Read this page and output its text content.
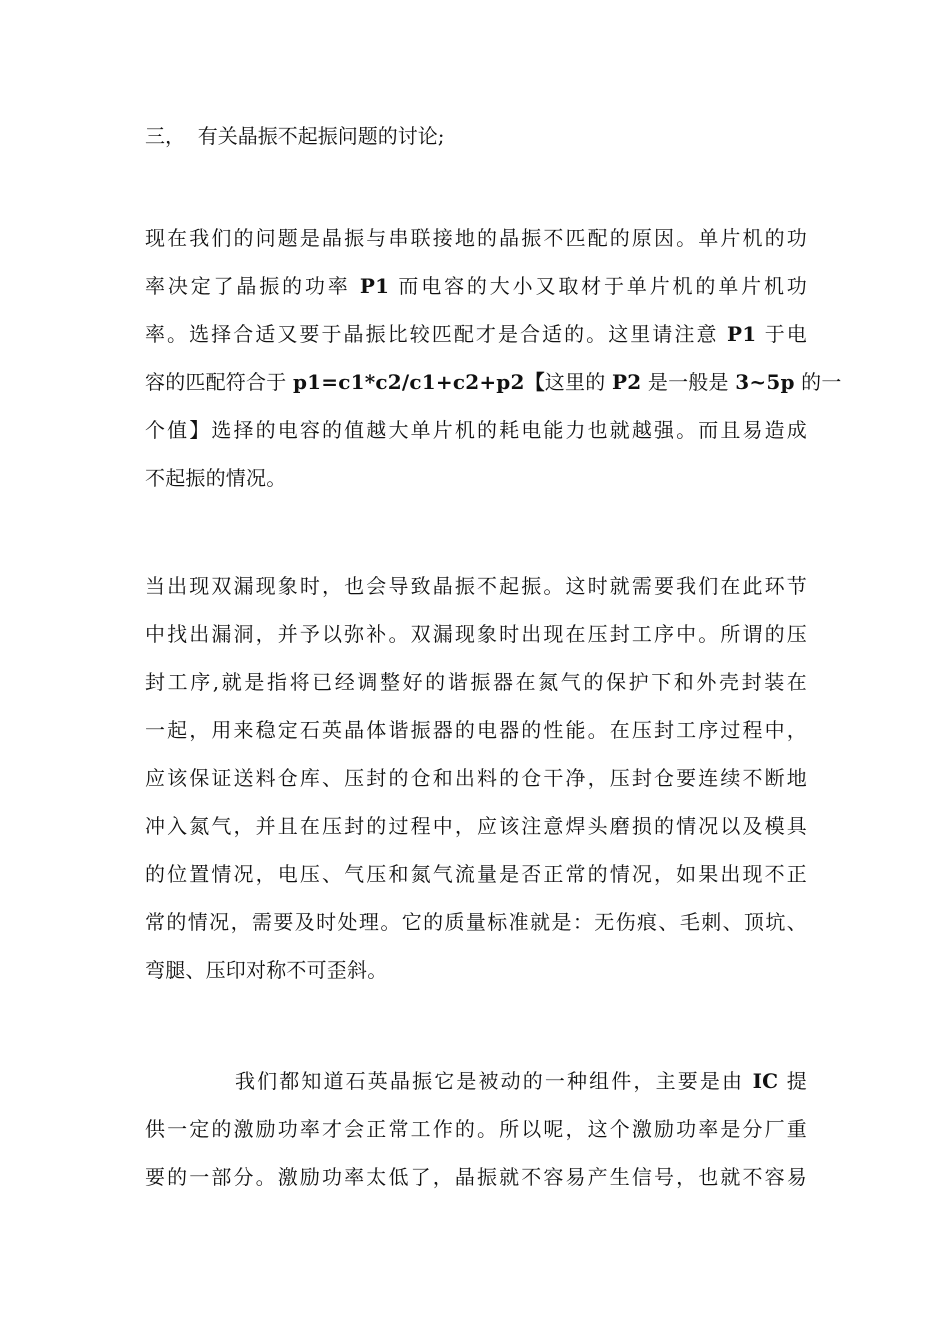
三，  有关晶振不起振问题的讨论;
现在我们的问题是晶振与串联接地的晶振不匹配的原因。单片机的功
率决定了晶振的功率 P1 而电容的大小又取材于单片机的单片机功
率。选择合适又要于晶振比较匹配才是合适的。这里请注意 P1 于电
容的匹配符合于 p1=c1*c2/c1+c2+p2【这里的 P2 是一般是 3~5p 的一
个值】选择的电容的值越大单片机的耗电能力也就越强。而且易造成
不起振的情况。
当出现双漏现象时，也会导致晶振不起振。这时就需要我们在此环节
中找出漏洞，并予以弥补。双漏现象时出现在压封工序中。所谓的压
封工序,就是指将已经调整好的谐振器在氮气的保护下和外壳封装在
一起，用来稳定石英晶体谐振器的电器的性能。在压封工序过程中，
应该保证送料仓库、压封的仓和出料的仓干净，压封仓要连续不断地
冲入氮气，并且在压封的过程中，应该注意焊头磨损的情况以及模具
的位置情况，电压、气压和氮气流量是否正常的情况，如果出现不正
常的情况，需要及时处理。它的质量标准就是：无伤痕、毛刺、顶坑、
弯腿、压印对称不可歪斜。
我们都知道石英晶振它是被动的一种组件，主要是由 IC 提
供一定的激励功率才会正常工作的。所以呢，这个激励功率是分厂重
要的一部分。激励功率太低了，晶振就不容易产生信号，也就不容易
